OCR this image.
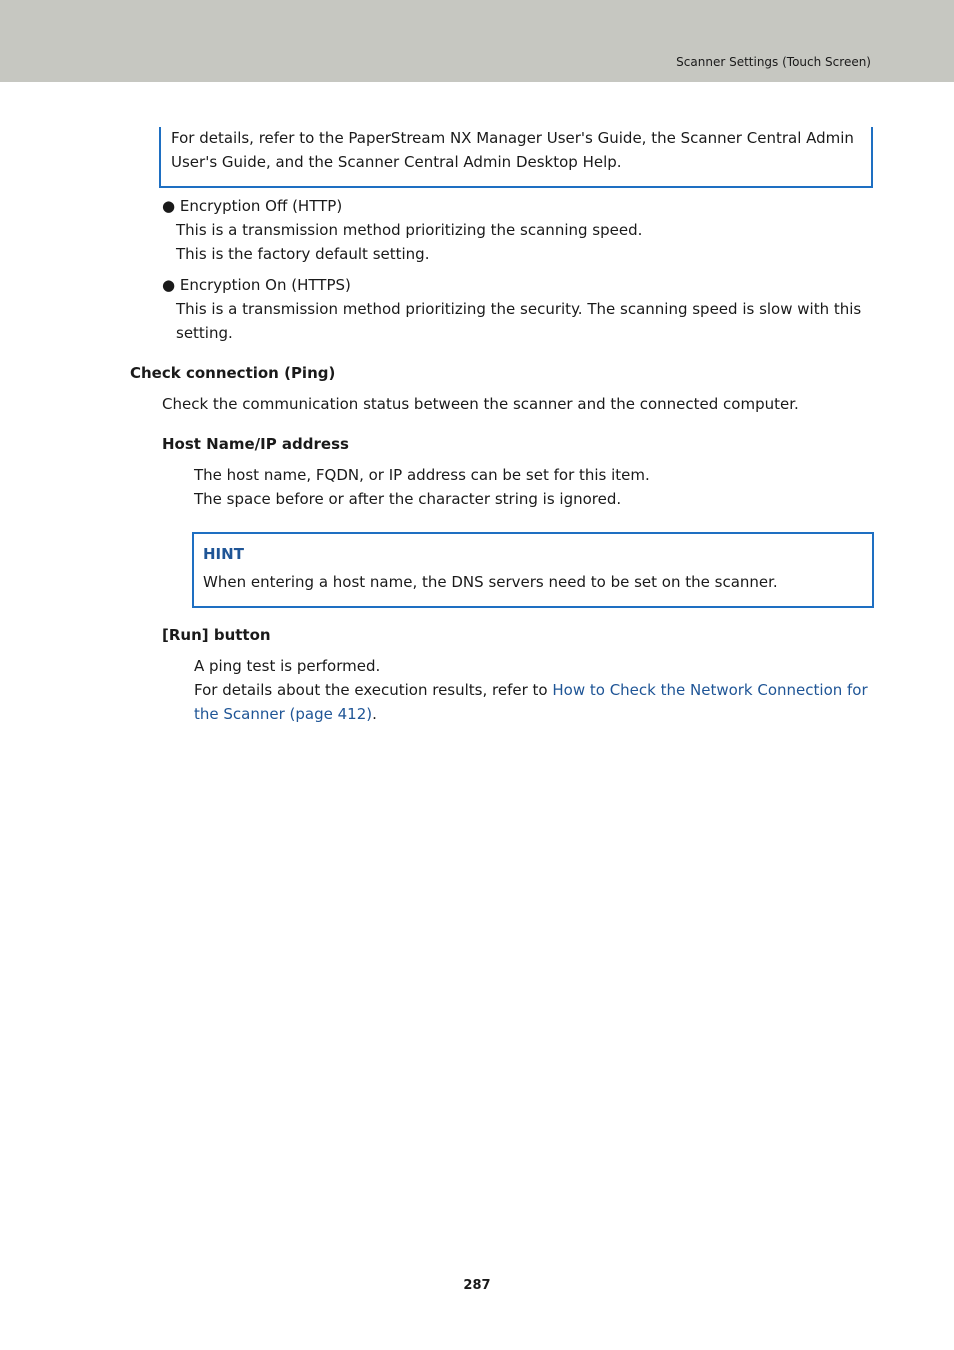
Scanner Settings (Touch Screen)
For details, refer to the PaperStream NX Manager User's Guide, the Scanner Central Admin User's Guide, and the Scanner Central Admin Desktop Help.
● Encryption Off (HTTP)
This is a transmission method prioritizing the scanning speed.
This is the factory default setting.
● Encryption On (HTTPS)
This is a transmission method prioritizing the security. The scanning speed is slow with this setting.
Check connection (Ping)
Check the communication status between the scanner and the connected computer.
Host Name/IP address
The host name, FQDN, or IP address can be set for this item.
The space before or after the character string is ignored.
HINT
When entering a host name, the DNS servers need to be set on the scanner.
[Run] button
A ping test is performed.
For details about the execution results, refer to How to Check the Network Connection for the Scanner (page 412).
287
